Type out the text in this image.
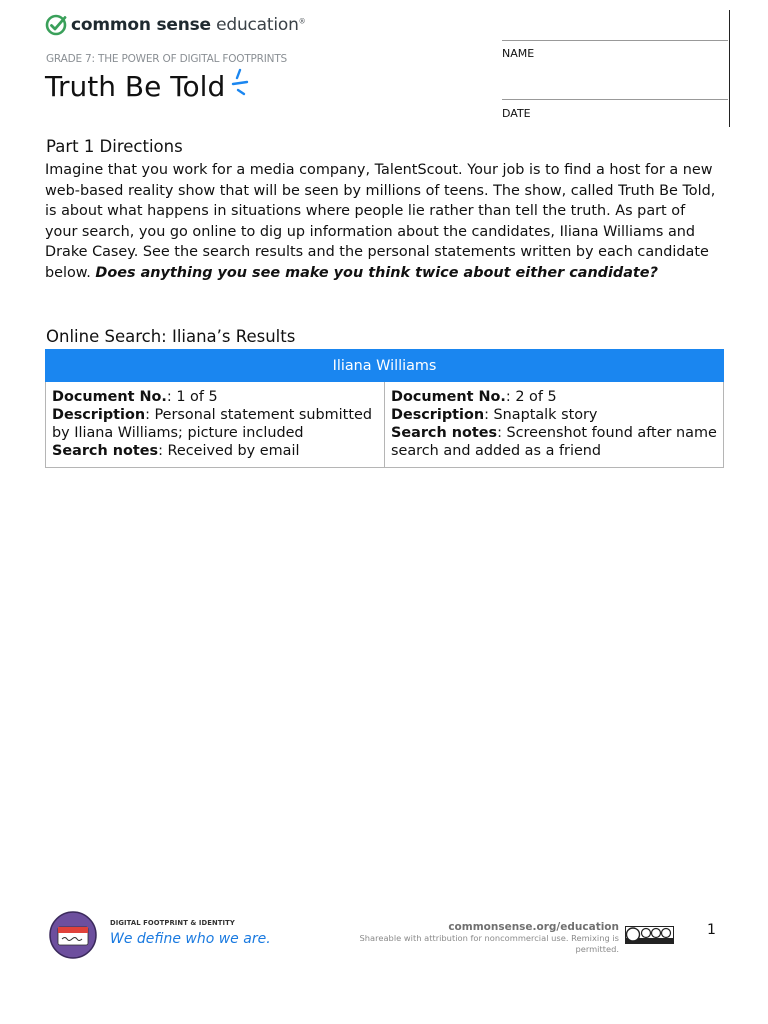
common sense education®
GRADE 7: THE POWER OF DIGITAL FOOTPRINTS
Truth Be Told
NAME
DATE
Part 1 Directions
Imagine that you work for a media company, TalentScout. Your job is to find a host for a new web-based reality show that will be seen by millions of teens. The show, called Truth Be Told, is about what happens in situations where people lie rather than tell the truth. As part of your search, you go online to dig up information about the candidates, Iliana Williams and Drake Casey. See the search results and the personal statements written by each candidate below. Does anything you see make you think twice about either candidate?
Online Search: Iliana’s Results
Iliana Williams

Document No.: 1 of 5
Description: Personal statement submitted by Iliana Williams; picture included
Search notes: Received by email

Document No.: 2 of 5
Description: Snaptalk story
Search notes: Screenshot found after name search and added as a friend
DIGITAL FOOTPRINT & IDENTITY
We define who we are.
commonsense.org/education
Shareable with attribution for noncommercial use. Remixing is permitted.
1
